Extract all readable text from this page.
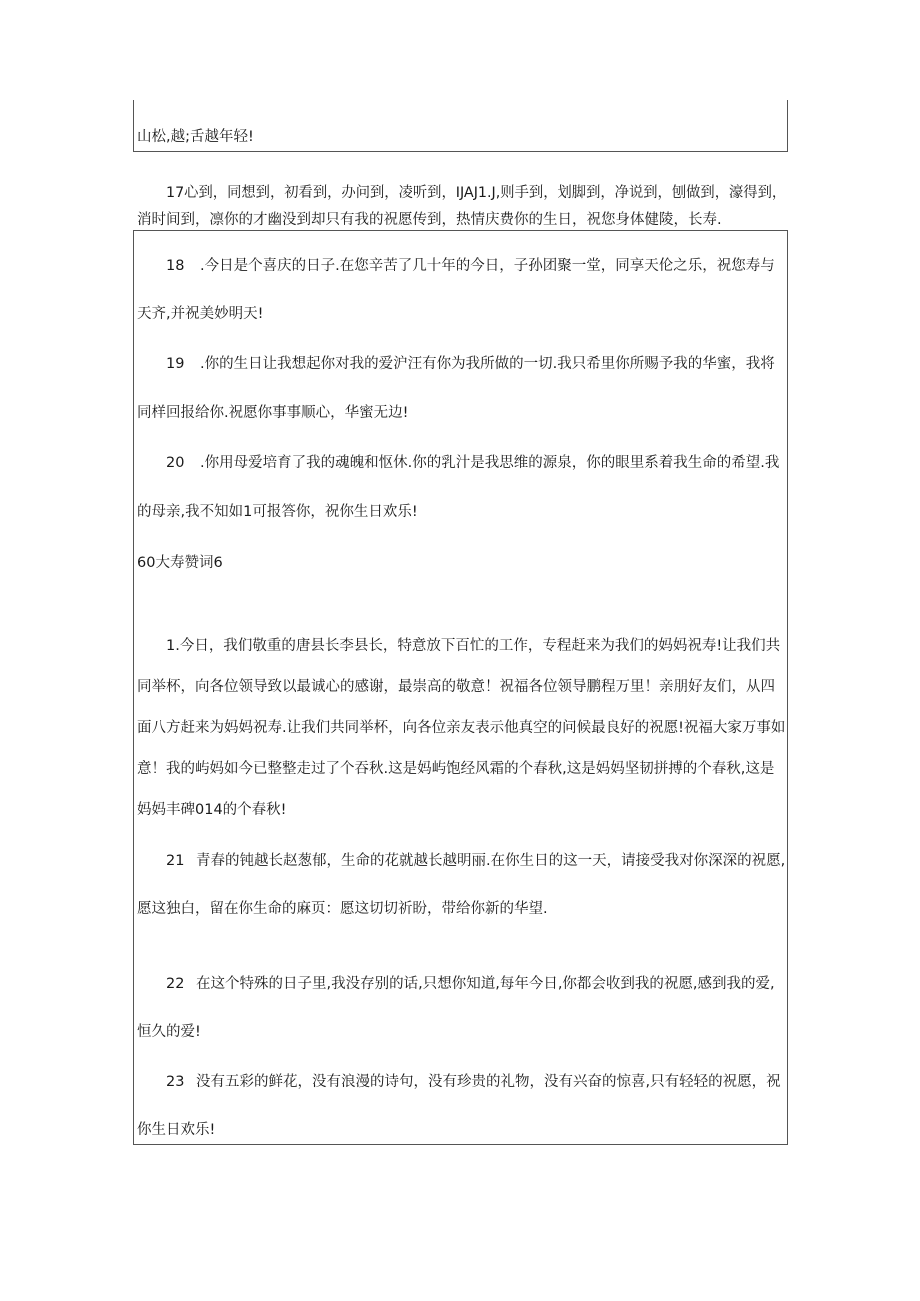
山松,越;舌越年轻!
17心到，同想到，初看到，办问到，凌听到，IJAJ1.J,则手到，划脚到，净说到，刨做到，濠得到，
消时间到，凛你的才幽没到却只有我的祝愿传到，热情庆费你的生日，祝您身体健陵，长寿.
18 .今日是个喜庆的日子.在您辛苦了几十年的今日，子孙团聚一堂，同享天伦之乐，祝您寿与
天齐,并祝美妙明天!
19 .你的生日让我想起你对我的爱沪汪有你为我所做的一切.我只希里你所赐予我的华蜜，我将
同样回报给你.祝愿你事事顺心，华蜜无边!
20 .你用母爱培育了我的魂魄和怄休.你的乳汁是我思维的源泉，你的眼里系着我生命的希望.我
的母亲,我不知如1可报答你，祝你生日欢乐!
60大寿赞词6
1.今日，我们敬重的唐县长李县长，特意放下百忙的工作，专程赶来为我们的妈妈祝寿!让我们共
同举杯，向各位领导致以最诚心的感谢，最崇高的敬意！祝福各位领导鹏程万里！亲朋好友们，从四
面八方赶来为妈妈祝寿.让我们共同举杯，向各位亲友表示他真空的问候最良好的祝愿!祝福大家万事如
意！我的屿妈如今已整整走过了个吞秋.这是妈屿饱经风霜的个春秋,这是妈妈坚韧拼搏的个春秋,这是
妈妈丰碑014的个春秋!
21 青春的钝越长赵葱郁，生命的花就越长越明丽.在你生日的这一天，请接受我对你深深的祝愿,
愿这独白，留在你生命的麻页：愿这切切祈盼，带给你新的华望.
22 在这个特殊的日子里,我没存别的话,只想你知道,每年今日,你都会收到我的祝愿,感到我的爱,
恒久的爱!
23 没有五彩的鲜花，没有浪漫的诗句，没有珍贵的礼物，没有兴奋的惊喜,只有轻轻的祝愿，祝
你生日欢乐!
